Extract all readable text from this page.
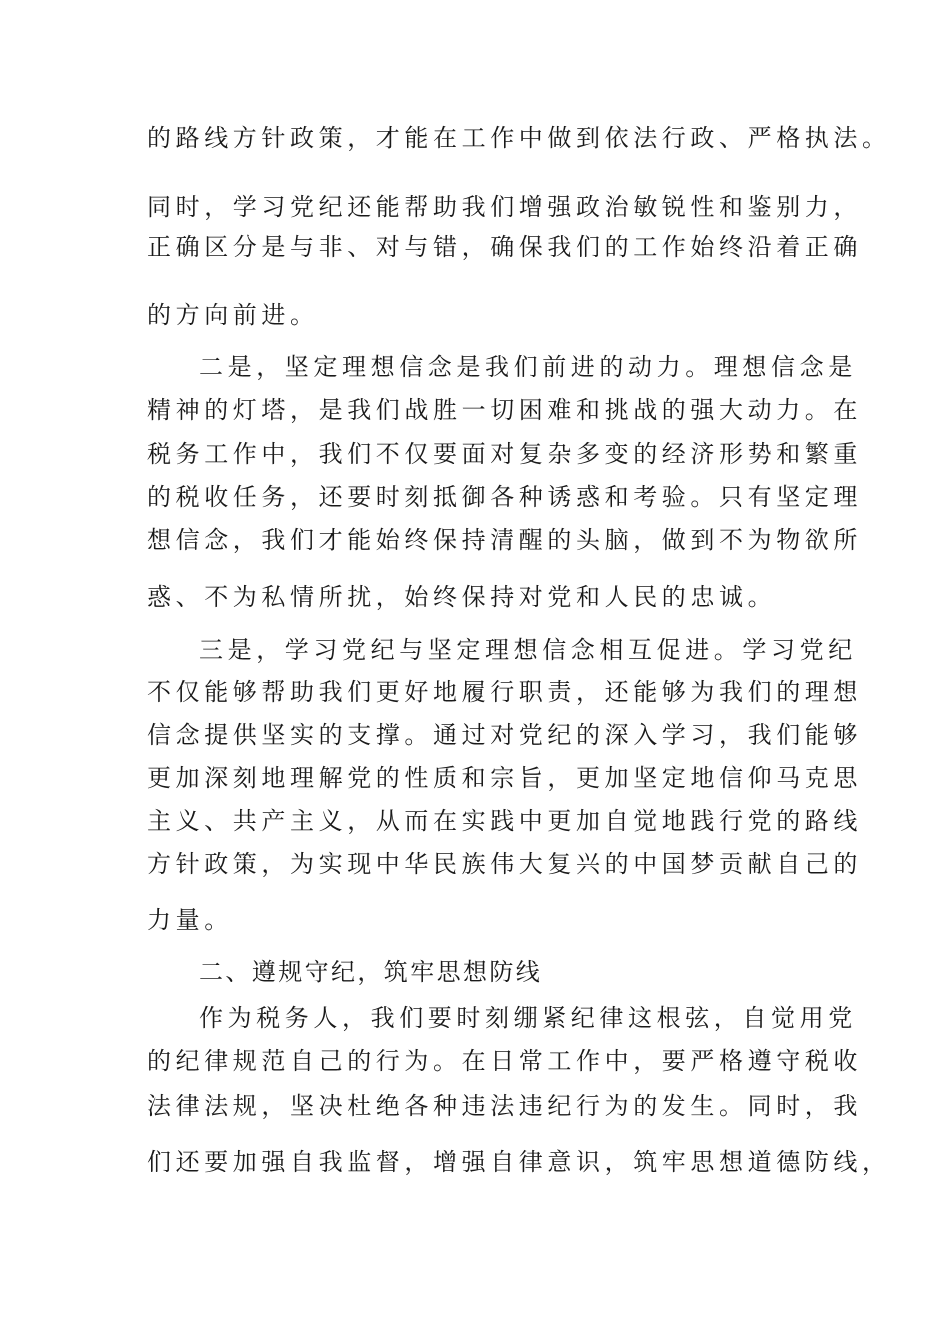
的路线方针政策，才能在工作中做到依法行政、严格执法。
同时，学习党纪还能帮助我们增强政治敏锐性和鉴别力，
正确区分是与非、对与错，确保我们的工作始终沿着正确
的方向前进。
二是，坚定理想信念是我们前进的动力。理想信念是
精神的灯塔，是我们战胜一切困难和挑战的强大动力。在
税务工作中，我们不仅要面对复杂多变的经济形势和繁重
的税收任务，还要时刻抵御各种诱惑和考验。只有坚定理
想信念，我们才能始终保持清醒的头脑，做到不为物欲所
惑、不为私情所扰，始终保持对党和人民的忠诚。
三是，学习党纪与坚定理想信念相互促进。学习党纪
不仅能够帮助我们更好地履行职责，还能够为我们的理想
信念提供坚实的支撑。通过对党纪的深入学习，我们能够
更加深刻地理解党的性质和宗旨，更加坚定地信仰马克思
主义、共产主义，从而在实践中更加自觉地践行党的路线
方针政策，为实现中华民族伟大复兴的中国梦贡献自己的
力量。
二、遵规守纪，筑牢思想防线
作为税务人，我们要时刻绷紧纪律这根弦，自觉用党
的纪律规范自己的行为。在日常工作中，要严格遵守税收
法律法规，坚决杜绝各种违法违纪行为的发生。同时，我
们还要加强自我监督，增强自律意识，筑牢思想道德防线，
